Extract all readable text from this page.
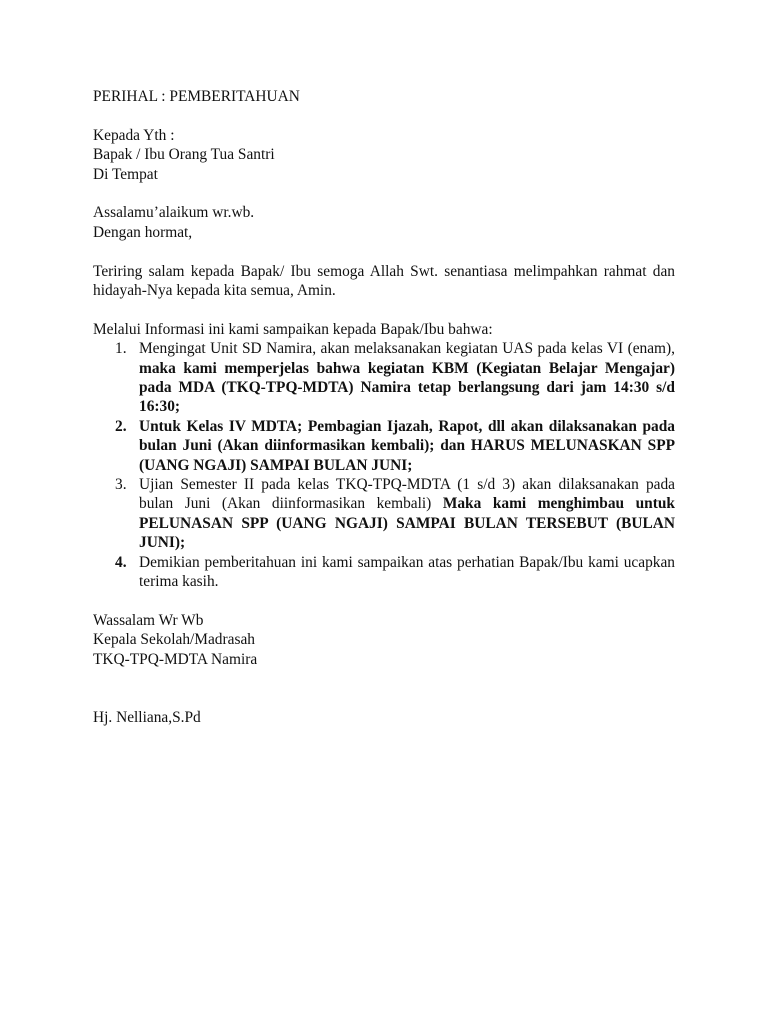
PERIHAL : PEMBERITAHUAN
Kepada Yth :
Bapak / Ibu Orang Tua Santri
Di Tempat
Assalamu’alaikum wr.wb.
Dengan hormat,
Teriring salam kepada Bapak/ Ibu semoga Allah Swt. senantiasa melimpahkan rahmat dan hidayah-Nya kepada kita semua, Amin.
Melalui Informasi ini kami sampaikan kepada Bapak/Ibu bahwa:
1. Mengingat Unit SD Namira, akan melaksanakan kegiatan UAS pada kelas VI (enam), maka kami memperjelas bahwa kegiatan KBM (Kegiatan Belajar Mengajar) pada MDA (TKQ-TPQ-MDTA) Namira tetap berlangsung dari jam 14:30 s/d 16:30;
2. Untuk Kelas IV MDTA; Pembagian Ijazah, Rapot, dll akan dilaksanakan pada bulan Juni (Akan diinformasikan kembali); dan HARUS MELUNASKAN SPP (UANG NGAJI) SAMPAI BULAN JUNI;
3. Ujian Semester II pada kelas TKQ-TPQ-MDTA (1 s/d 3) akan dilaksanakan pada bulan Juni (Akan diinformasikan kembali) Maka kami menghimbau untuk PELUNASAN SPP (UANG NGAJI) SAMPAI BULAN TERSEBUT (BULAN JUNI);
4. Demikian pemberitahuan ini kami sampaikan atas perhatian Bapak/Ibu kami ucapkan terima kasih.
Wassalam Wr Wb
Kepala Sekolah/Madrasah
TKQ-TPQ-MDTA Namira
Hj. Nelliana,S.Pd
